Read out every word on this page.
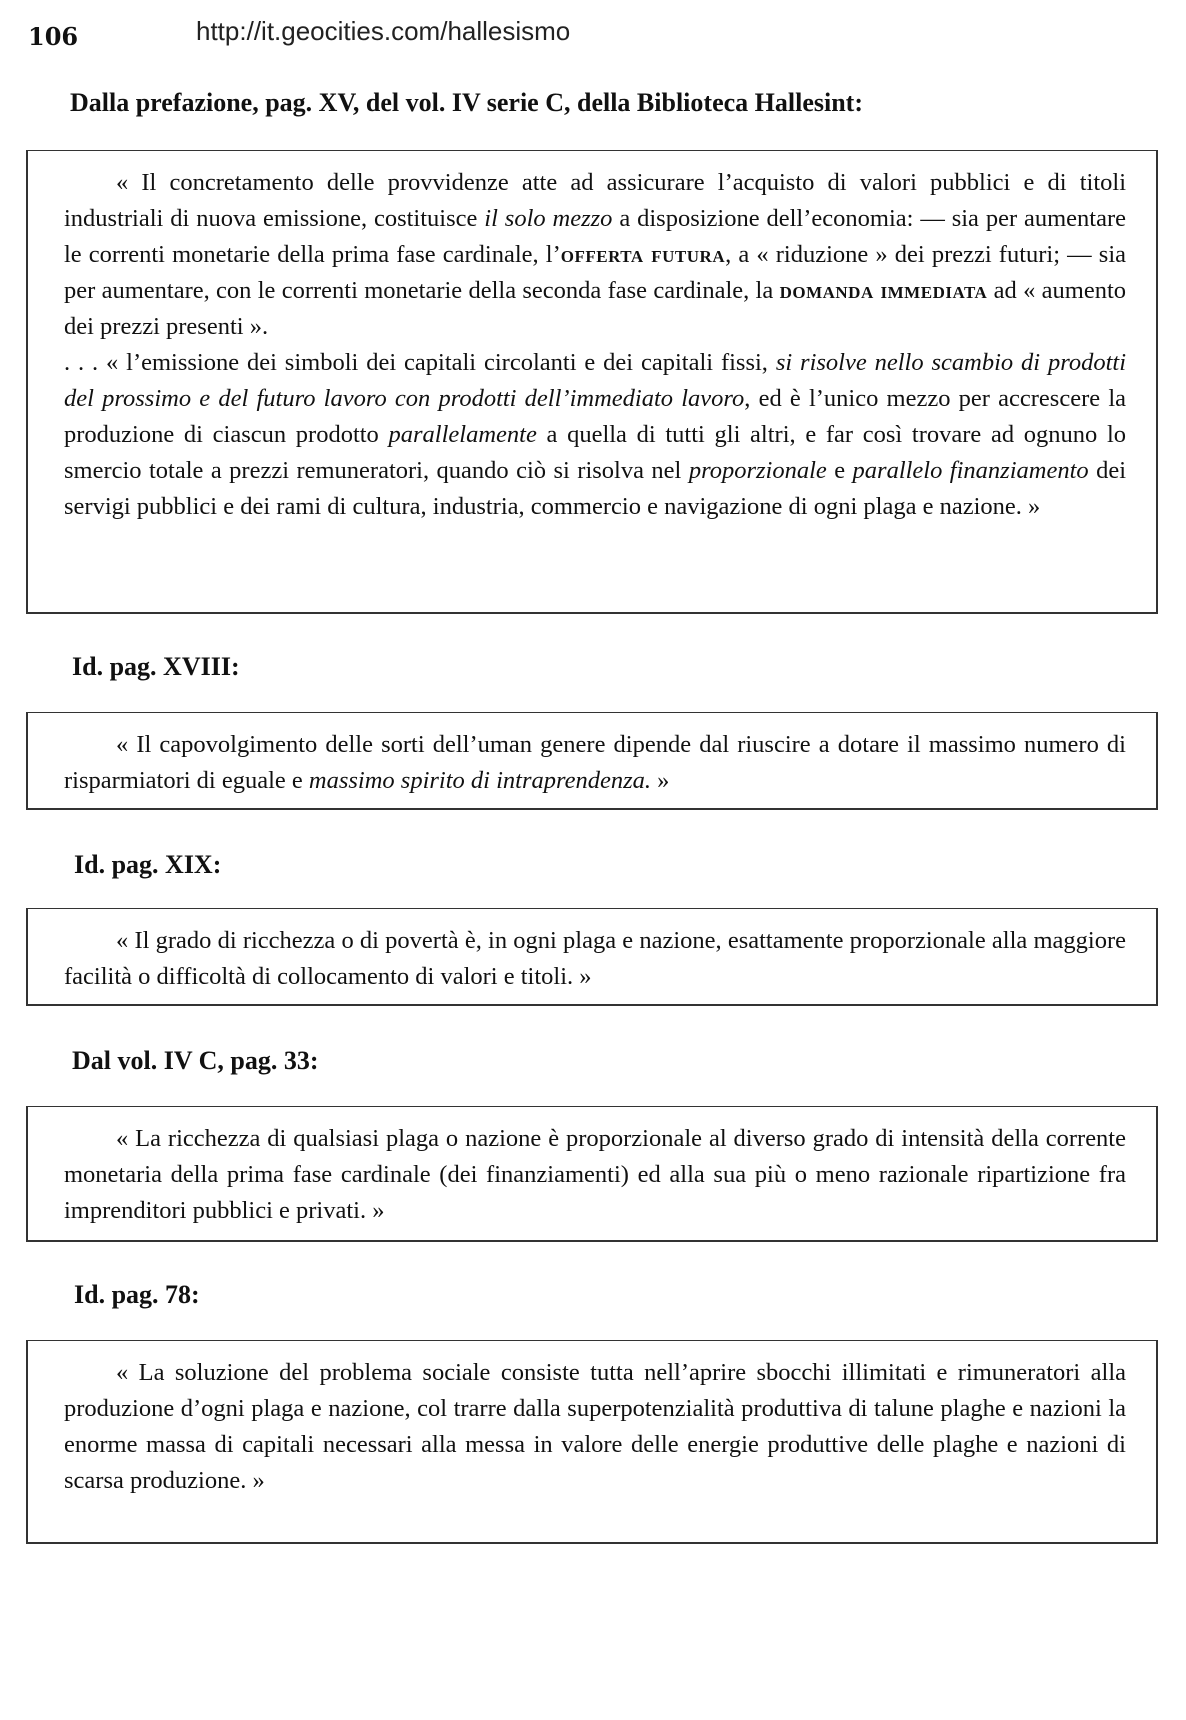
106	http://it.geocities.com/hallesismo
Dalla prefazione, pag. XV, del vol. IV serie C, della Biblioteca Hallesint:

« Il concretamento delle provvidenze atte ad assicurare l’acquisto di valori pubblici e di titoli industriali di nuova emissione, costituisce il solo mezzo a disposizione dell’economia: — sia per aumentare le correnti monetarie della prima fase cardinale, l’offerta futura, a « riduzione » dei prezzi futuri; — sia per aumentare, con le correnti monetarie della seconda fase cardinale, la domanda immediata ad « aumento dei prezzi presenti ».

. . . « l’emissione dei simboli dei capitali circolanti e dei capitali fissi, si risolve nello scambio di prodotti del prossimo e del futuro lavoro con prodotti dell’immediato lavoro, ed è l’unico mezzo per accrescere la produzione di ciascun prodotto parallelamente a quella di tutti gli altri, e far così trovare ad ognuno lo smercio totale a prezzi remuneratori, quando ciò si risolva nel proporzionale e parallelo finanziamento dei servigi pubblici e dei rami di cultura, industria, commercio e navigazione di ogni plaga e nazione. »

Id. pag. XVIII:

« Il capovolgimento delle sorti dell’uman genere dipende dal riuscire a dotare il massimo numero di risparmiatori di eguale e massimo spirito di intraprendenza. »

Id. pag. XIX:

« Il grado di ricchezza o di povertà è, in ogni plaga e nazione, esattamente proporzionale alla maggiore facilità o difficoltà di collocamento di valori e titoli. »

Dal vol. IV C, pag. 33:

« La ricchezza di qualsiasi plaga o nazione è proporzionale al diverso grado di intensità della corrente monetaria della prima fase cardinale (dei finanziamenti) ed alla sua più o meno razionale ripartizione fra imprenditori pubblici e privati. »

Id. pag. 78:

« La soluzione del problema sociale consiste tutta nell’aprire sbocchi illimitati e rimuneratori alla produzione d’ogni plaga e nazione, col trarre dalla superpotenzialità produttiva di talune plaghe e nazioni la enorme massa di capitali necessari alla messa in valore delle energie produttive delle plaghe e nazioni di scarsa produzione. »
